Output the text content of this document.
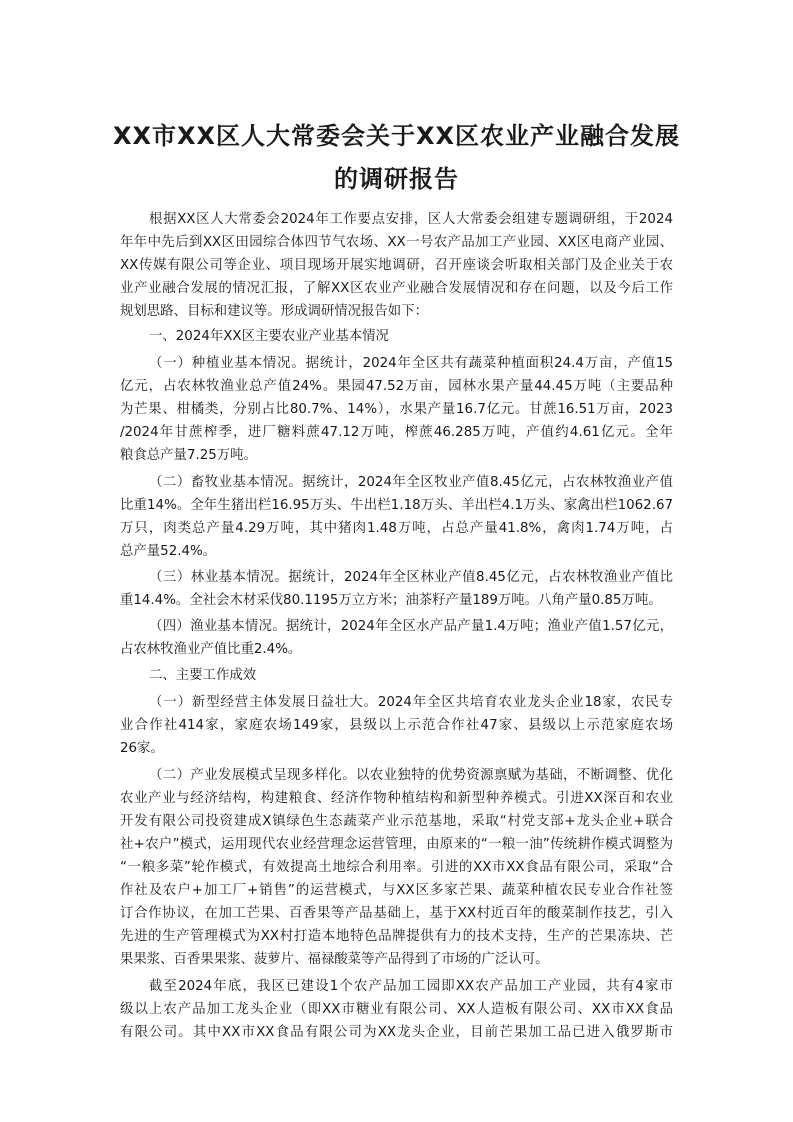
XX市XX区人大常委会关于XX区农业产业融合发展
的调研报告
根据XX区人大常委会2024年工作要点安排，区人大常委会组建专题调研组，于2024
年年中先后到XX区田园综合体四节气农场、XX一号农产品加工产业园、XX区电商产业园、
XX传媒有限公司等企业、项目现场开展实地调研，召开座谈会听取相关部门及企业关于农
业产业融合发展的情况汇报，了解XX区农业产业融合发展情况和存在问题，以及今后工作
规划思路、目标和建议等。形成调研情况报告如下：
一、2024年XX区主要农业产业基本情况
（一）种植业基本情况。据统计，2024年全区共有蔬菜种植面积24.4万亩，产值15
亿元，占农林牧渔业总产值24%。果园47.52万亩，园林水果产量44.45万吨（主要品种
为芒果、柑橘类，分别占比80.7%、14%），水果产量16.7亿元。甘蔗16.51万亩，2023
/2024年甘蔗榨季，进厂糖料蔗47.12万吨，榨蔗46.285万吨，产值约4.61亿元。全年
粮食总产量7.25万吨。
（二）畜牧业基本情况。据统计，2024年全区牧业产值8.45亿元，占农林牧渔业产值
比重14%。全年生猪出栏16.95万头、牛出栏1.18万头、羊出栏4.1万头、家禽出栏1062.67
万只，肉类总产量4.29万吨，其中猪肉1.48万吨，占总产量41.8%，禽肉1.74万吨，占
总产量52.4%。
（三）林业基本情况。据统计，2024年全区林业产值8.45亿元，占农林牧渔业产值比
重14.4%。全社会木材采伐80.1195万立方米；油茶籽产量189万吨。八角产量0.85万吨。
（四）渔业基本情况。据统计，2024年全区水产品产量1.4万吨；渔业产值1.57亿元，
占农林牧渔业产值比重2.4%。
二、主要工作成效
（一）新型经营主体发展日益壮大。2024年全区共培育农业龙头企业18家，农民专
业合作社414家，家庭农场149家，县级以上示范合作社47家、县级以上示范家庭农场
26家。
（二）产业发展模式呈现多样化。以农业独特的优势资源禀赋为基础，不断调整、优化
农业产业与经济结构，构建粮食、经济作物种植结构和新型种养模式。引进XX深百和农业
开发有限公司投资建成X镇绿色生态蔬菜产业示范基地，采取“村党支部+龙头企业+联合
社+农户”模式，运用现代农业经营理念运营管理，由原来的“一粮一油”传统耕作模式调整为
“一粮多菜”轮作模式，有效提高土地综合利用率。引进的XX市XX食品有限公司，采取“合
作社及农户+加工厂+销售”的运营模式，与XX区多家芒果、蔬菜种植农民专业合作社签
订合作协议，在加工芒果、百香果等产品基础上，基于XX村近百年的酸菜制作技艺，引入
先进的生产管理模式为XX村打造本地特色品牌提供有力的技术支持，生产的芒果冻块、芒
果果浆、百香果果浆、菠萝片、福禄酸菜等产品得到了市场的广泛认可。
截至2024年底，我区已建设1个农产品加工园即XX农产品加工产业园，共有4家市
级以上农产品加工龙头企业（即XX市糖业有限公司、XX人造板有限公司、XX市XX食品
有限公司。其中XX市XX食品有限公司为XX龙头企业，目前芒果加工品已进入俄罗斯市
